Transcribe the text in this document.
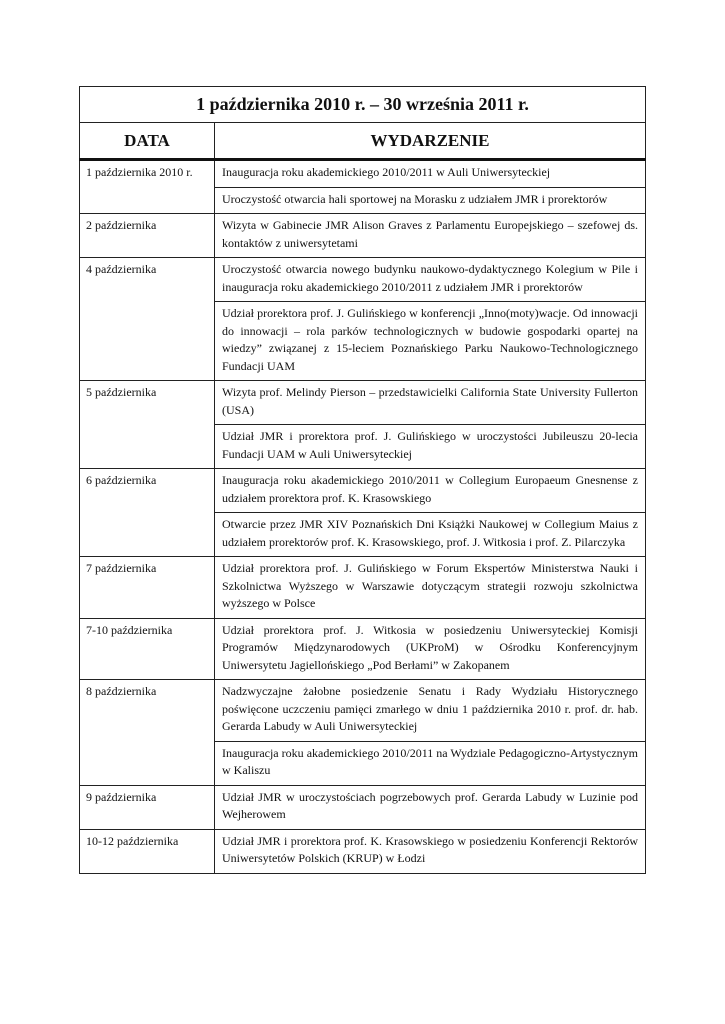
1 października 2010 r. – 30 września 2011 r.	
DATA	WYDARZENIE
1 października 2010 r.	Inauguracja roku akademickiego 2010/2011 w Auli Uniwersyteckiej
	Uroczystość otwarcia hali sportowej na Morasku z udziałem JMR i prorektorów
2 października	Wizyta w Gabinecie JMR Alison Graves z Parlamentu Europejskiego – szefowej ds. kontaktów z uniwersytetami
4 października	Uroczystość otwarcia nowego budynku naukowo-dydaktycznego Kolegium w Pile i inauguracja roku akademickiego 2010/2011 z udziałem JMR i prorektorów
	Udział prorektora prof. J. Gulińskiego w konferencji „Inno(moty)wacje. Od innowacji do innowacji – rola parków technologicznych w budowie gospodarki opartej na wiedzy” związanej z 15-leciem Poznańskiego Parku Naukowo-Technologicznego Fundacji UAM
5 października	Wizyta prof. Melindy Pierson – przedstawicielki California State University Fullerton (USA)
	Udział JMR i prorektora prof. J. Gulińskiego w uroczystości Jubileuszu 20-lecia Fundacji UAM w Auli Uniwersyteckiej
6 października	Inauguracja roku akademickiego 2010/2011 w Collegium Europaeum Gnesnense z udziałem prorektora prof. K. Krasowskiego
	Otwarcie przez JMR XIV Poznańskich Dni Książki Naukowej w Collegium Maius z udziałem prorektorów prof. K. Krasowskiego, prof. J. Witkosia i prof. Z. Pilarczyka
7 października	Udział prorektora prof. J. Gulińskiego w Forum Ekspertów Ministerstwa Nauki i Szkolnictwa Wyższego w Warszawie dotyczącym strategii rozwoju szkolnictwa wyższego w Polsce
7-10 października	Udział prorektora prof. J. Witkosia w posiedzeniu Uniwersyteckiej Komisji Programów Międzynarodowych (UKProM) w Ośrodku Konferencyjnym Uniwersytetu Jagiellońskiego „Pod Berłami” w Zakopanem
8 października	Nadzwyczajne żałobne posiedzenie Senatu i Rady Wydziału Historycznego poświęcone uczczeniu pamięci zmarłego w dniu 1 października 2010 r. prof. dr. hab. Gerarda Labudy w Auli Uniwersyteckiej
	Inauguracja roku akademickiego 2010/2011 na Wydziale Pedagogiczno-Artystycznym w Kaliszu
9 października	Udział JMR w uroczystościach pogrzebowych prof. Gerarda Labudy w Luzinie pod Wejherowem
10-12 października	Udział JMR i prorektora prof. K. Krasowskiego w posiedzeniu Konferencji Rektorów Uniwersytetów Polskich (KRUP) w Łodzi
